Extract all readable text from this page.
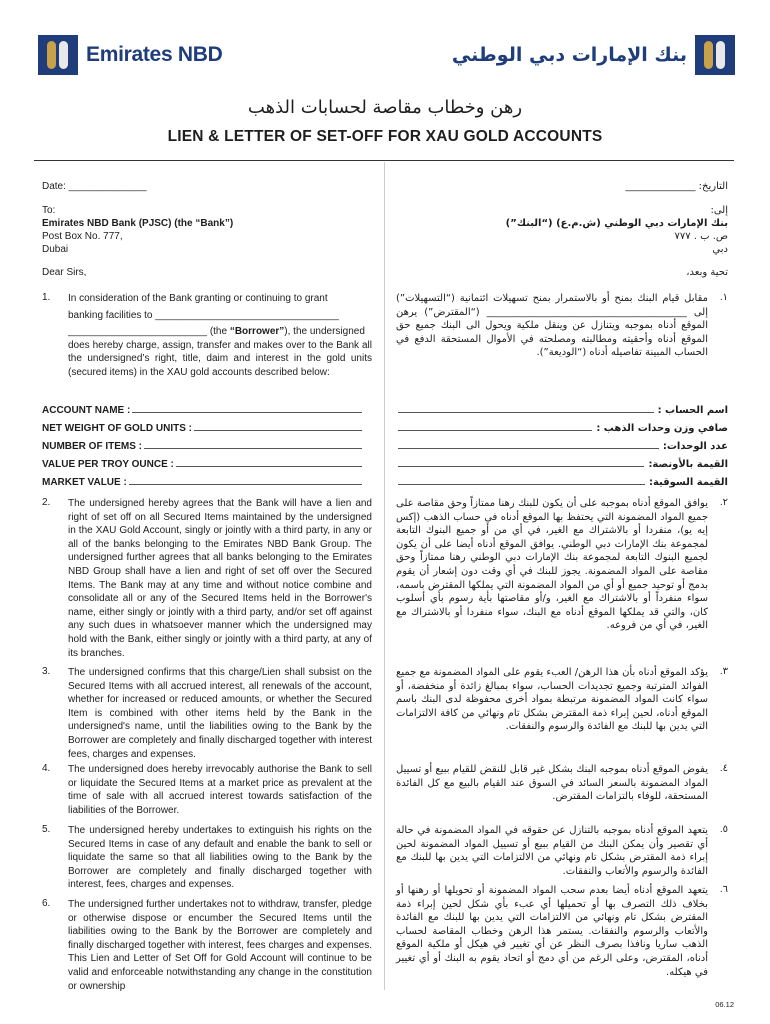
Emirates NBD	بنك الإمارات دبي الوطني
رهن وخطاب مقاصة لحسابات الذهب
LIEN & LETTER OF SET-OFF FOR XAU GOLD ACCOUNTS
Date: ______________
To:
Emirates NBD Bank (PJSC) (the “Bank”)
Post Box No. 777,
Dubai
Dear Sirs,
التاريخ: ______________
إلى:
بنك الإمارات دبي الوطني (ش.م.ع) (“البنك”)
ص. ب . ٧٧٧
دبي
تحية وبعد،
1. In consideration of the Bank granting or continuing to grant
banking facilities to _________________________________
_________________________ (the “Borrower”), the undersigned
does hereby charge, assign, transfer and makes over to the Bank all the undersigned’s right, title, daim and interest in the gold units (secured items) in the XAU gold accounts described below:
١.
مقابل قيام البنك بمنح أو بالاستمرار بمنح تسهيلات ائتمانية (“التسهيلات”) إلى ________________________________________ (“المقترض”) يرهن الموقع أدناه بموجبه ويتنازل عن وينقل ملكية ويحول الى البنك جميع حق الموقع أدناه وأحقيته ومطالبته ومصلحته في الأموال المستحقة الدفع في الحساب المبينة تفاصيله أدناه (“الوديعة”).
ACCOUNT NAME :
NET WEIGHT OF GOLD UNITS :
NUMBER OF ITEMS :
VALUE PER TROY OUNCE :
MARKET VALUE :
اسم الحساب :
صافي وزن وحدات الذهب :
عدد الوحدات:
القيمة بالأونصة:
القيمة السوقية:
2. The undersigned hereby agrees that the Bank will have a lien and right of set off on all Secured Items maintained by the undersigned in the XAU Gold Account, singly or jointly with a third party, in any or all of the banks belonging to the Emirates NBD Bank Group. The undersigned further agrees that all banks belonging to the Emirates NBD Group shall have a lien and right of set off over the Secured Items. The Bank may at any time and without notice combine and consolidate all or any of the Secured Items held in the Borrower's name, either singly or jointly with a third party, and/or set off against any such dues in whatsoever manner which the undersigned may hold with the Bank, either singly or jointly with a third party, at any of its branches.
٢.
يوافق الموقع أدناه بموجبه على أن يكون للبنك رهنا ممتازاً وحق مقاصة على جميع المواد المضمونة التي يحتفظ بها الموقع أدناه في حساب الذهب (إكس إيه يو)، منفردا أو بالاشتراك مع الغير، في أي من أو جميع البنوك التابعة لمجموعة بنك الإمارات دبي الوطني. يوافق الموقع أدناه أيضا على أن يكون لجميع البنوك التابعة لمجموعة بنك الإمارات دبي الوطني رهنا ممتازاً وحق مقاصة على المواد المضمونة. يجوز للبنك في أي وقت دون إشعار أن يقوم بدمج أو توحيد جميع أو أي من المواد المضمونة التي يملكها المقترض باسمه، سواء منفرداً أو بالاشتراك مع الغير، و/أو مقاصتها بأية رسوم بأي أسلوب كان، والتي قد يملكها الموقع أدناه مع البنك، سواء منفردا أو بالاشتراك مع الغير، في أي من فروعه.
3. The undersigned confirms that this charge/Lien shall subsist on the Secured Items with all accrued interest, all renewals of the account, whether for increased or reduced amounts, or whether the Secured Item is combined with other items held by the Bank in the undersigned's name, until the liabilities owing to the Bank by the Borrower are completely and finally discharged together with interest fees, charges and expenses.
٣.
يؤكد الموقع أدناه بأن هذا الرهن/ العبء يقوم على المواد المضمونة مع جميع الفوائد المترتبة وجميع تجديدات الحساب، سواء بمبالغ زائدة أو منخفضة، أو سواء كانت المواد المضمونة مرتبطة بمواد أخرى محفوظة لدى البنك باسم الموقع أدناه، لحين إبراء ذمة المقترض بشكل تام ونهائي من كافة الالتزامات التي يدين بها للبنك مع الفائدة والرسوم والنفقات.
4. The undersigned does hereby irrevocably authorise the Bank to sell or liquidate the Secured Items at a market price as prevalent at the time of sale with all accrued interest towards satisfaction of the liabilities of the Borrower.
٤.
يفوض الموقع أدناه بموجبه البنك بشكل غير قابل للنقض للقيام ببيع أو تسييل المواد المضمونة بالسعر السائد في السوق عند القيام بالبيع مع كل الفائدة المستحقة، للوفاء بالتزامات المقترض.
5. The undersigned hereby undertakes to extinguish his rights on the Secured Items in case of any default and enable the bank to sell or liquidate the same so that all liabilities owing to the Bank by the Borrower are completely and finally discharged together with interest, fees, charges and expenses.
٥.
يتعهد الموقع أدناه بموجبه بالتنازل عن حقوقه في المواد المضمونة في حالة أي تقصير وأن يمكن البنك من القيام ببيع أو تسييل المواد المضمونة لحين إبراء ذمة المقترض بشكل تام ونهائي من الالتزامات التي يدين بها للبنك مع الفائدة والرسوم والأتعاب والنفقات.
6. The undersigned further undertakes not to withdraw, transfer, pledge or otherwise dispose or encumber the Secured Items until the liabilities owing to the Bank by the Borrower are completely and finally discharged together with interest, fees charges and expenses. This Lien and Letter of Set Off for Gold Account will continue to be valid and enforceable notwithstanding any change in the constitution or ownership
٦.
يتعهد الموقع أدناه أيضا بعدم سحب المواد المضمونة أو تحويلها أو رهنها أو بخلاف ذلك التصرف بها أو تحميلها أي عبء بأي شكل لحين إبراء ذمة المقترض بشكل تام ونهائي من الالتزامات التي يدين بها للبنك مع الفائدة والأتعاب والرسوم والنفقات. يستمر هذا الرهن وخطاب المقاصة لحساب الذهب ساريا ونافذا بصرف النظر عن أي تغيير في هيكل أو ملكية الموقع أدناه، المقترض، وعلى الرغم من أي دمج أو اتحاد يقوم به البنك أو أي تغيير في هيكله.
06.12
